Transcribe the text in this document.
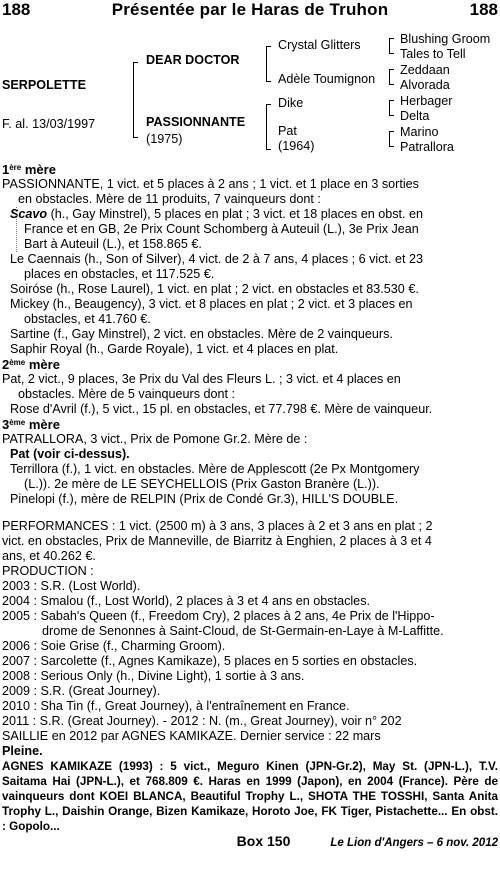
188	Présentée par le Haras de Truhon	188
SERPOLETTE
F. al. 13/03/1997
DEAR DOCTOR
PASSIONNANTE
(1975)
Crystal Glitters
Adèle Toumignon
Dike
Pat
(1964)
Blushing Groom
Tales to Tell
Zeddaan
Alvorada
Herbager
Delta
Marino
Patrallora
1ère mère
PASSIONNANTE, 1 vict. et 5 places à 2 ans ; 1 vict. et 1 place en 3 sorties
en obstacles. Mère de 11 produits, 7 vainqueurs dont :
Scavo (h., Gay Minstrel), 5 places en plat ; 3 vict. et 18 places en obst. en
France et en GB, 2e Prix Count Schomberg à Auteuil (L.), 3e Prix Jean
Bart à Auteuil (L.), et 158.865 €.
Le Caennais (h., Son of Silver), 4 vict. de 2 à 7 ans, 4 places ; 6 vict. et 23
places en obstacles, et 117.525 €.
Soiróse (h., Rose Laurel), 1 vict. en plat ; 2 vict. en obstacles et 83.530 €.
Mickey (h., Beaugency), 3 vict. et 8 places en plat ; 2 vict. et 3 places en
obstacles, et 41.760 €.
Sartine (f., Gay Minstrel), 2 vict. en obstacles. Mère de 2 vainqueurs.
Saphir Royal (h., Garde Royale), 1 vict. et 4 places en plat.
2ème mère
Pat, 2 vict., 9 places, 3e Prix du Val des Fleurs L. ; 3 vict. et 4 places en
obstacles. Mère de 5 vainqueurs dont :
Rose d'Avril (f.), 5 vict., 15 pl. en obstacles, et 77.798 €. Mère de vainqueur.
3ème mère
PATRALLORA, 3 vict., Prix de Pomone Gr.2. Mère de :
Pat (voir ci-dessus).
Terrillora (f.), 1 vict. en obstacles. Mère de Applescott (2e Px Montgomery
(L.)). 2e mère de LE SEYCHELLOIS (Prix Gaston Branère (L.)).
Pinelopi (f.), mère de RELPIN (Prix de Condé Gr.3), HILL'S DOUBLE.
PERFORMANCES : 1 vict. (2500 m) à 3 ans, 3 places à 2 et 3 ans en plat ; 2
vict. en obstacles, Prix de Manneville, de Biarritz à Enghien, 2 places à 3 et 4
ans, et 40.262 €.
PRODUCTION :
2003 : S.R. (Lost World).
2004 : Smalou (f., Lost World), 2 places à 3 et 4 ans en obstacles.
2005 : Sabah's Queen (f., Freedom Cry), 2 places à 2 ans, 4e Prix de l'Hippo-
drome de Senonnes à Saint-Cloud, de St-Germain-en-Laye à M-Laffitte.
2006 : Soie Grise (f., Charming Groom).
2007 : Sarcolette (f., Agnes Kamikaze), 5 places en 5 sorties en obstacles.
2008 : Serious Only (h., Divine Light), 1 sortie à 3 ans.
2009 : S.R. (Great Journey).
2010 : Sha Tin (f., Great Journey), à l'entraînement en France.
2011 : S.R. (Great Journey). - 2012 : N. (m., Great Journey), voir n° 202
SAILLIE en 2012 par AGNES KAMIKAZE. Dernier service : 22 mars
Pleine.
AGNES KAMIKAZE (1993) : 5 vict., Meguro Kinen (JPN-Gr.2), May St. (JPN-L.), T.V. Saitama Hai (JPN-L.), et 768.809 €. Haras en 1999 (Japon), en 2004 (France). Père de vainqueurs dont KOEI BLANCA, Beautiful Trophy L., SHOTA THE TOSSHI, Santa Anita Trophy L., Daishin Orange, Bizen Kamikaze, Horoto Joe, FK Tiger, Pistachette... En obst. : Gopolo...
Box 150	Le Lion d'Angers – 6 nov. 2012
